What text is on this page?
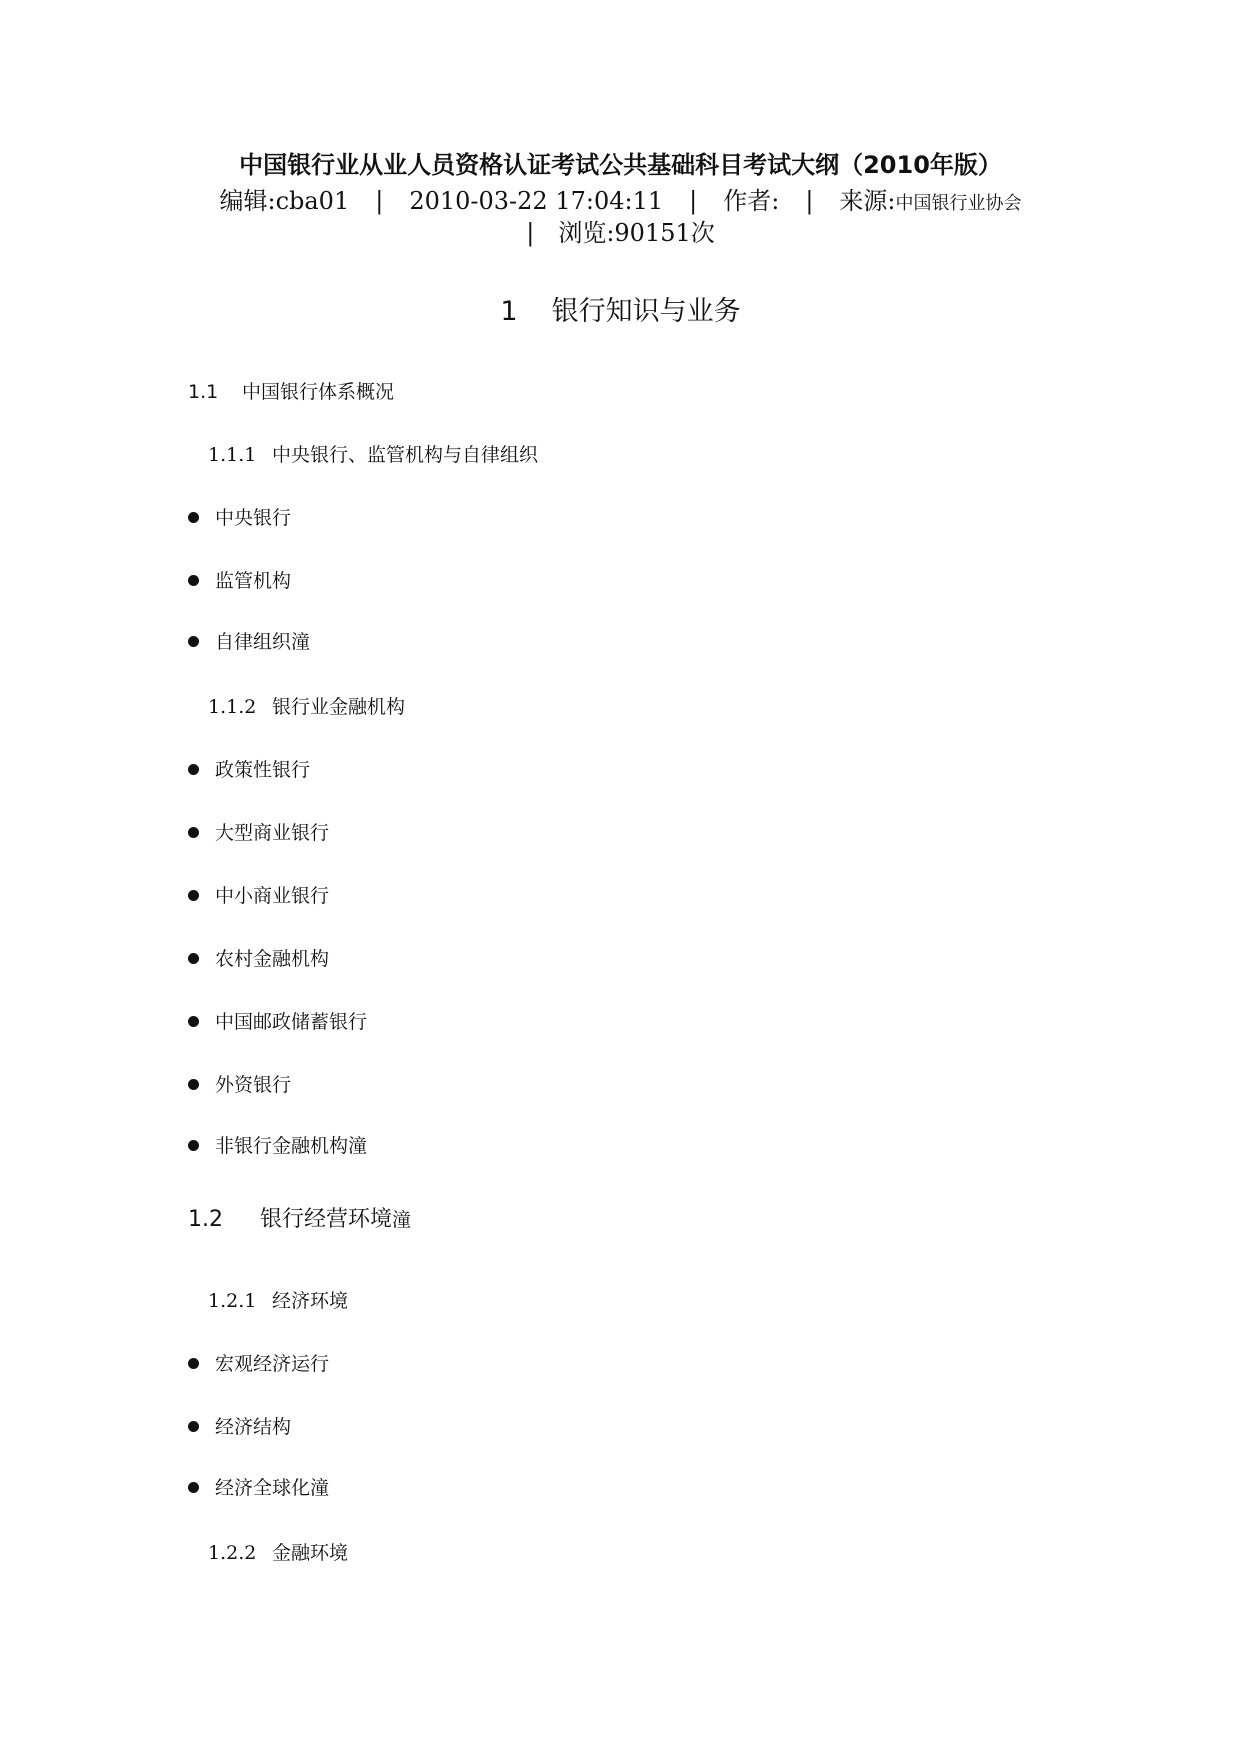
中国银行业从业人员资格认证考试公共基础科目考试大纲（2010年版）
编辑:cba01 | 2010-03-22 17:04:11 | 作者: | 来源:中国银行业协会
| 浏览:90151次
1 银行知识与业务
1.1 中国银行体系概况
1.1.1 中央银行、监管机构与自律组织
中央银行
监管机构
自律组织潼
1.1.2 银行业金融机构
政策性银行
大型商业银行
中小商业银行
农村金融机构
中国邮政储蓄银行
外资银行
非银行金融机构潼
1.2 银行经营环境潼
1.2.1 经济环境
宏观经济运行
经济结构
经济全球化潼
1.2.2 金融环境
